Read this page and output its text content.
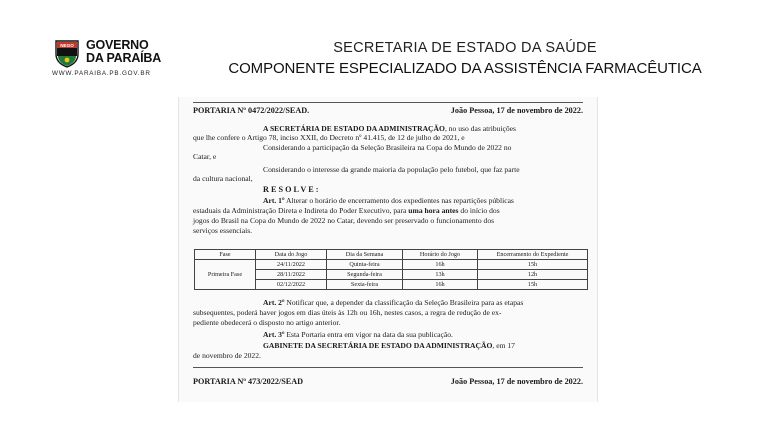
NEGO GOVERNO
DA PARAÍBA
WWW.PARAIBA.PB.GOV.BR
SECRETARIA DE ESTADO DA SAÚDE
COMPONENTE ESPECIALIZADO DA ASSISTÊNCIA FARMACÊUTICA
PORTARIA Nº 0472/2022/SEAD.	João Pessoa, 17 de novembro de 2022.
A SECRETÁRIA DE ESTADO DA ADMINISTRAÇÃO, no uso das atribuições
que lhe confere o Artigo 78, inciso XXII, do Decreto nº 41.415, de 12 de julho de 2021, e
Considerando a participação da Seleção Brasileira na Copa do Mundo de 2022 no
Catar, e
Considerando o interesse da grande maioria da população pelo futebol, que faz parte
da cultura nacional,
R E S O L V E :
Art. 1º Alterar o horário de encerramento dos expedientes nas repartições públicas
estaduais da Administração Direta e Indireta do Poder Executivo, para uma hora antes do início dos
jogos do Brasil na Copa do Mundo de 2022 no Catar, devendo ser preservado o funcionamento dos
serviços essenciais.
Fase	Data do Jogo	Dia da Semana	Horário do Jogo	Encerramento do Expediente
Primeira Fase	24/11/2022	Quinta-feira	16h	15h
	28/11/2022	Segunda-feira	13h	12h
	02/12/2022	Sexta-feira	16h	15h
Art. 2º Notificar que, a depender da classificação da Seleção Brasileira para as etapas
subsequentes, poderá haver jogos em dias úteis às 12h ou 16h, nestes casos, a regra de redução de ex-
pediente obedecerá o disposto no artigo anterior.
Art. 3º Esta Portaria entra em vigor na data da sua publicação.
GABINETE DA SECRETÁRIA DE ESTADO DA ADMINISTRAÇÃO, em 17
de novembro de 2022.
PORTARIA Nº 473/2022/SEAD	João Pessoa, 17 de novembro de 2022.
